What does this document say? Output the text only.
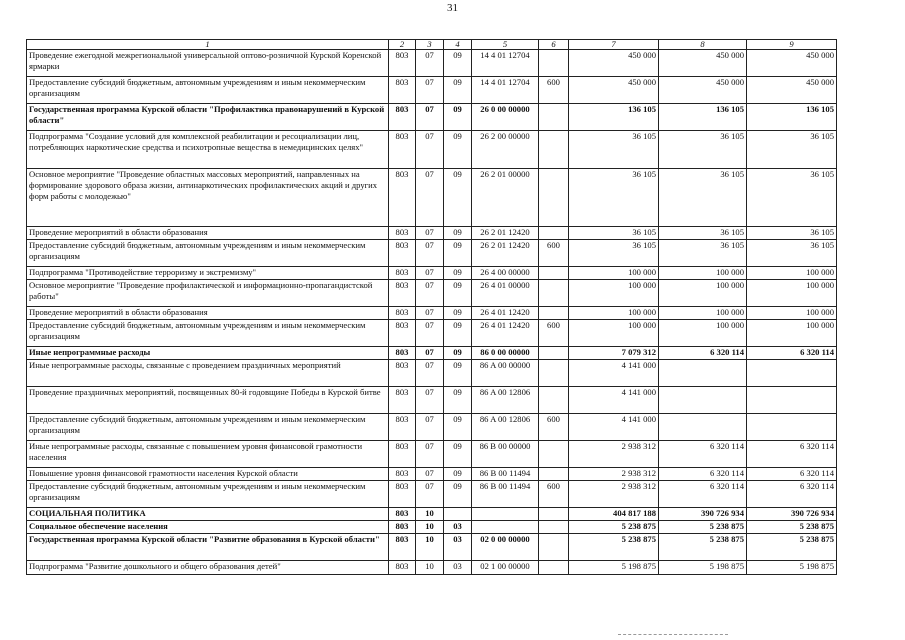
31
1	2	3	4	5	6	7	8	9
Проведение ежегодной межрегиональной универсальной оптово-розничной Курской Коренской ярмарки	803	07	09	14 4 01 12704		450 000	450 000	450 000
Предоставление субсидий бюджетным, автономным учреждениям и иным некоммерческим организациям	803	07	09	14 4 01 12704	600	450 000	450 000	450 000
Государственная программа Курской области "Профилактика правонарушений в Курской области"	803	07	09	26 0 00 00000		136 105	136 105	136 105
Подпрограмма "Создание условий для комплексной реабилитации и ресоциализации лиц, потребляющих наркотические средства и психотропные вещества в немедицинских целях"	803	07	09	26 2 00 00000		36 105	36 105	36 105
Основное мероприятие "Проведение областных массовых мероприятий, направленных на формирование здорового образа жизни, антинаркотических профилактических акций и других форм работы с молодежью"	803	07	09	26 2 01 00000		36 105	36 105	36 105
Проведение мероприятий в области образования	803	07	09	26 2 01 12420		36 105	36 105	36 105
Предоставление субсидий бюджетным, автономным учреждениям и иным некоммерческим организациям	803	07	09	26 2 01 12420	600	36 105	36 105	36 105
Подпрограмма "Противодействие терроризму и экстремизму"	803	07	09	26 4 00 00000		100 000	100 000	100 000
Основное мероприятие "Проведение профилактической и информационно-пропагандистской работы"	803	07	09	26 4 01 00000		100 000	100 000	100 000
Проведение мероприятий в области образования	803	07	09	26 4 01 12420		100 000	100 000	100 000
Предоставление субсидий бюджетным, автономным учреждениям и иным некоммерческим организациям	803	07	09	26 4 01 12420	600	100 000	100 000	100 000
Иные непрограммные расходы	803	07	09	86 0 00 00000		7 079 312	6 320 114	6 320 114
Иные непрограммные расходы, связанные с проведением праздничных мероприятий	803	07	09	86 A 00 00000		4 141 000		
Проведение праздничных мероприятий, посвященных 80-й годовщине Победы в Курской битве	803	07	09	86 A 00 12806		4 141 000		
Предоставление субсидий бюджетным, автономным учреждениям и иным некоммерческим организациям	803	07	09	86 A 00 12806	600	4 141 000		
Иные непрограммные расходы, связанные с повышением уровня финансовой грамотности населения	803	07	09	86 B 00 00000		2 938 312	6 320 114	6 320 114
Повышение уровня финансовой грамотности населения Курской области	803	07	09	86 B 00 11494		2 938 312	6 320 114	6 320 114
Предоставление субсидий бюджетным, автономным учреждениям и иным некоммерческим организациям	803	07	09	86 B 00 11494	600	2 938 312	6 320 114	6 320 114
СОЦИАЛЬНАЯ ПОЛИТИКА	803	10				404 817 188	390 726 934	390 726 934
Социальное обеспечение населения	803	10	03			5 238 875	5 238 875	5 238 875
Государственная программа Курской области "Развитие образования в Курской области"	803	10	03	02 0 00 00000		5 238 875	5 238 875	5 238 875
Подпрограмма "Развитие дошкольного и общего образования детей"	803	10	03	02 1 00 00000		5 198 875	5 198 875	5 198 875
